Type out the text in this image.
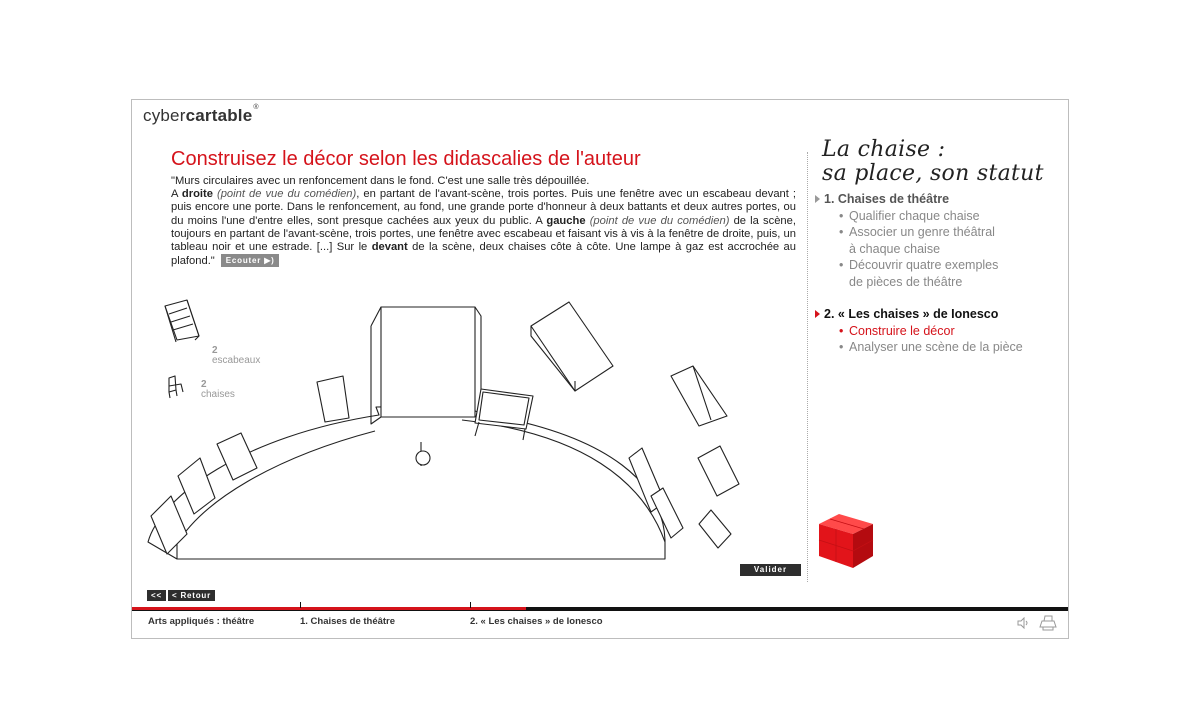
cybercartable®
Construisez le décor selon les didascalies de l'auteur
"Murs circulaires avec un renfoncement dans le fond. C'est une salle très dépouillée.
A droite (point de vue du comédien), en partant de l'avant-scène, trois portes. Puis une fenêtre avec un escabeau devant ; puis encore une porte. Dans le renfoncement, au fond, une grande porte d'honneur à deux battants et deux autres portes, ou du moins l'une d'entre elles, sont presque cachées aux yeux du public. A gauche (point de vue du comédien) de la scène, toujours en partant de l'avant-scène, trois portes, une fenêtre avec escabeau et faisant vis à vis à la fenêtre de droite, puis, un tableau noir et une estrade. [...] Sur le devant de la scène, deux chaises côte à côte. Une lampe à gaz est accrochée au plafond." Ecouter ▶)
2
escabeaux
2
chaises
Valider
La chaise :
sa place, son statut
1. Chaises de théâtre
• Qualifier chaque chaise
• Associer un genre théâtral
à chaque chaise
• Découvrir quatre exemples
de pièces de théâtre
2. « Les chaises » de Ionesco
• Construire le décor
• Analyser une scène de la pièce
<<	< Retour
Arts appliqués : théâtre	1. Chaises de théâtre	2. « Les chaises » de Ionesco
